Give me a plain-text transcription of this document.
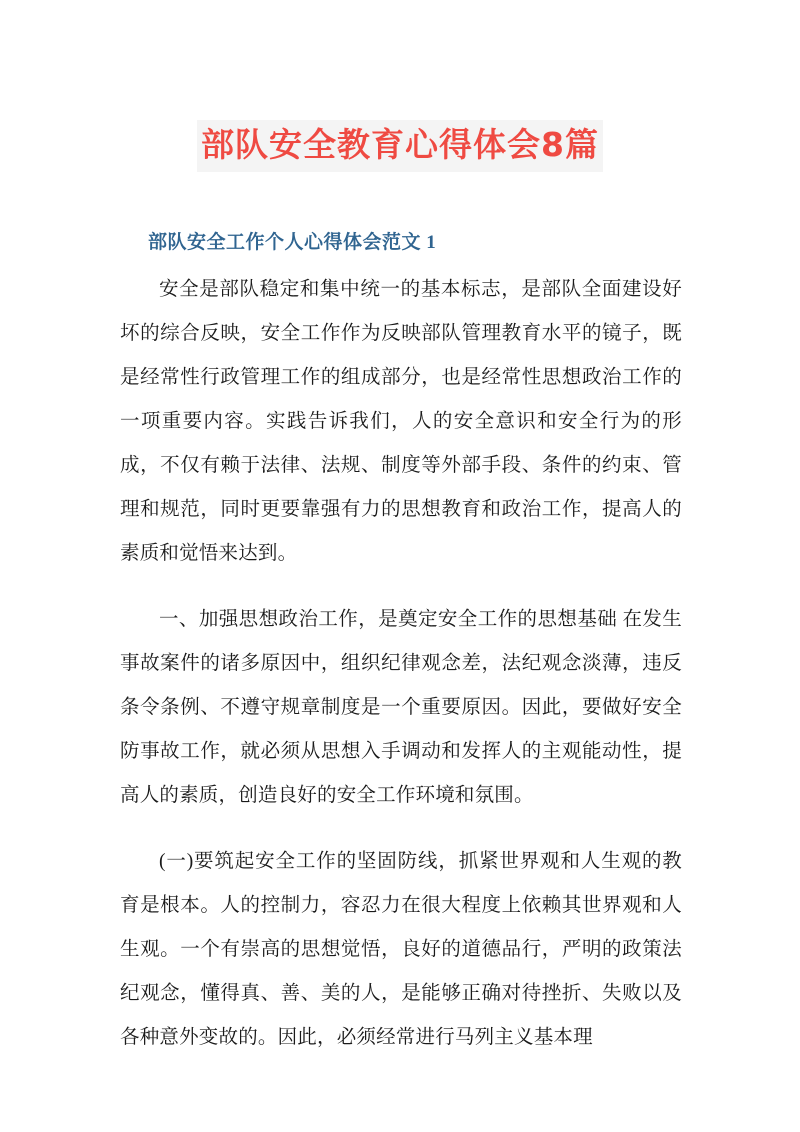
部队安全教育心得体会8篇
部队安全工作个人心得体会范文 1

安全是部队稳定和集中统一的基本标志，是部队全面建设好坏的综合反映，安全工作作为反映部队管理教育水平的镜子，既是经常性行政管理工作的组成部分，也是经常性思想政治工作的一项重要内容。实践告诉我们，人的安全意识和安全行为的形成，不仅有赖于法律、法规、制度等外部手段、条件的约束、管理和规范，同时更要靠强有力的思想教育和政治工作，提高人的素质和觉悟来达到。

一、加强思想政治工作，是奠定安全工作的思想基础 在发生事故案件的诸多原因中，组织纪律观念差，法纪观念淡薄，违反条令条例、不遵守规章制度是一个重要原因。因此，要做好安全防事故工作，就必须从思想入手调动和发挥人的主观能动性，提高人的素质，创造良好的安全工作环境和氛围。

(一)要筑起安全工作的坚固防线，抓紧世界观和人生观的教育是根本。人的控制力，容忍力在很大程度上依赖其世界观和人生观。一个有崇高的思想觉悟，良好的道德品行，严明的政策法纪观念，懂得真、善、美的人，是能够正确对待挫折、失败以及各种意外变故的。因此，必须经常进行马列主义基本理
